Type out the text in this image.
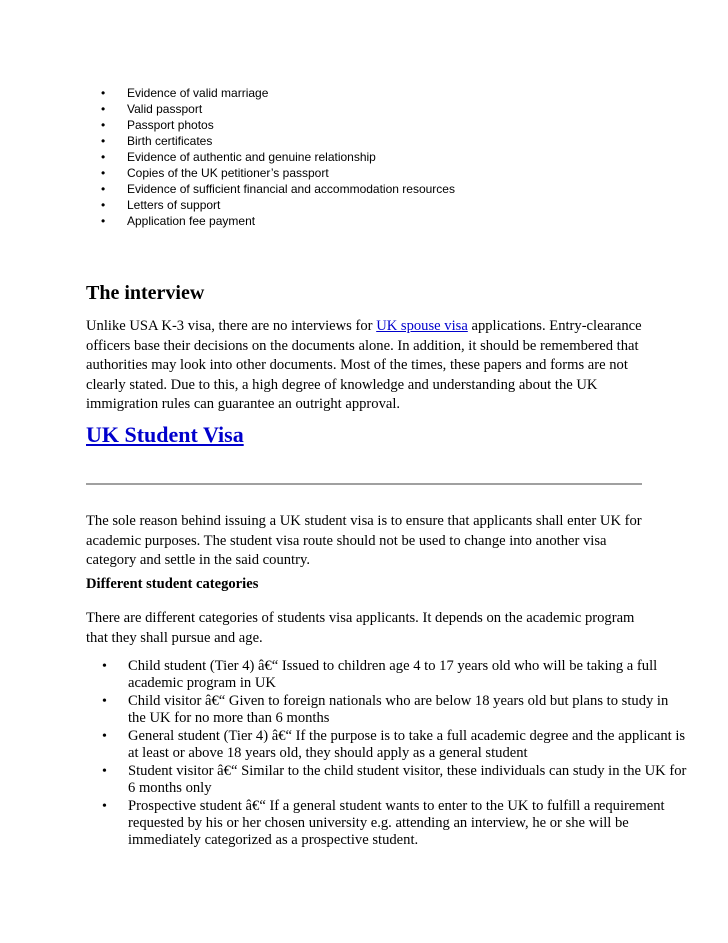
• Evidence of valid marriage
• Valid passport
• Passport photos
• Birth certificates
• Evidence of authentic and genuine relationship
• Copies of the UK petitioner’s passport
• Evidence of sufficient financial and accommodation resources
• Letters of support
• Application fee payment
The interview

Unlike USA K-3 visa, there are no interviews for UK spouse visa applications. Entry-clearance officers base their decisions on the documents alone. In addition, it should be remembered that authorities may look into other documents. Most of the times, these papers and forms are not clearly stated. Due to this, a high degree of knowledge and understanding about the UK immigration rules can guarantee an outright approval.

UK Student Visa

The sole reason behind issuing a UK student visa is to ensure that applicants shall enter UK for academic purposes. The student visa route should not be used to change into another visa category and settle in the said country.

Different student categories

There are different categories of students visa applicants. It depends on the academic program that they shall pursue and age.

• Child student (Tier 4) â€“ Issued to children age 4 to 17 years old who will be taking a full academic program in UK
• Child visitor â€“ Given to foreign nationals who are below 18 years old but plans to study in the UK for no more than 6 months
• General student (Tier 4) â€“ If the purpose is to take a full academic degree and the applicant is at least or above 18 years old, they should apply as a general student
• Student visitor â€“ Similar to the child student visitor, these individuals can study in the UK for 6 months only
• Prospective student â€“ If a general student wants to enter to the UK to fulfill a requirement requested by his or her chosen university e.g. attending an interview, he or she will be immediately categorized as a prospective student.
